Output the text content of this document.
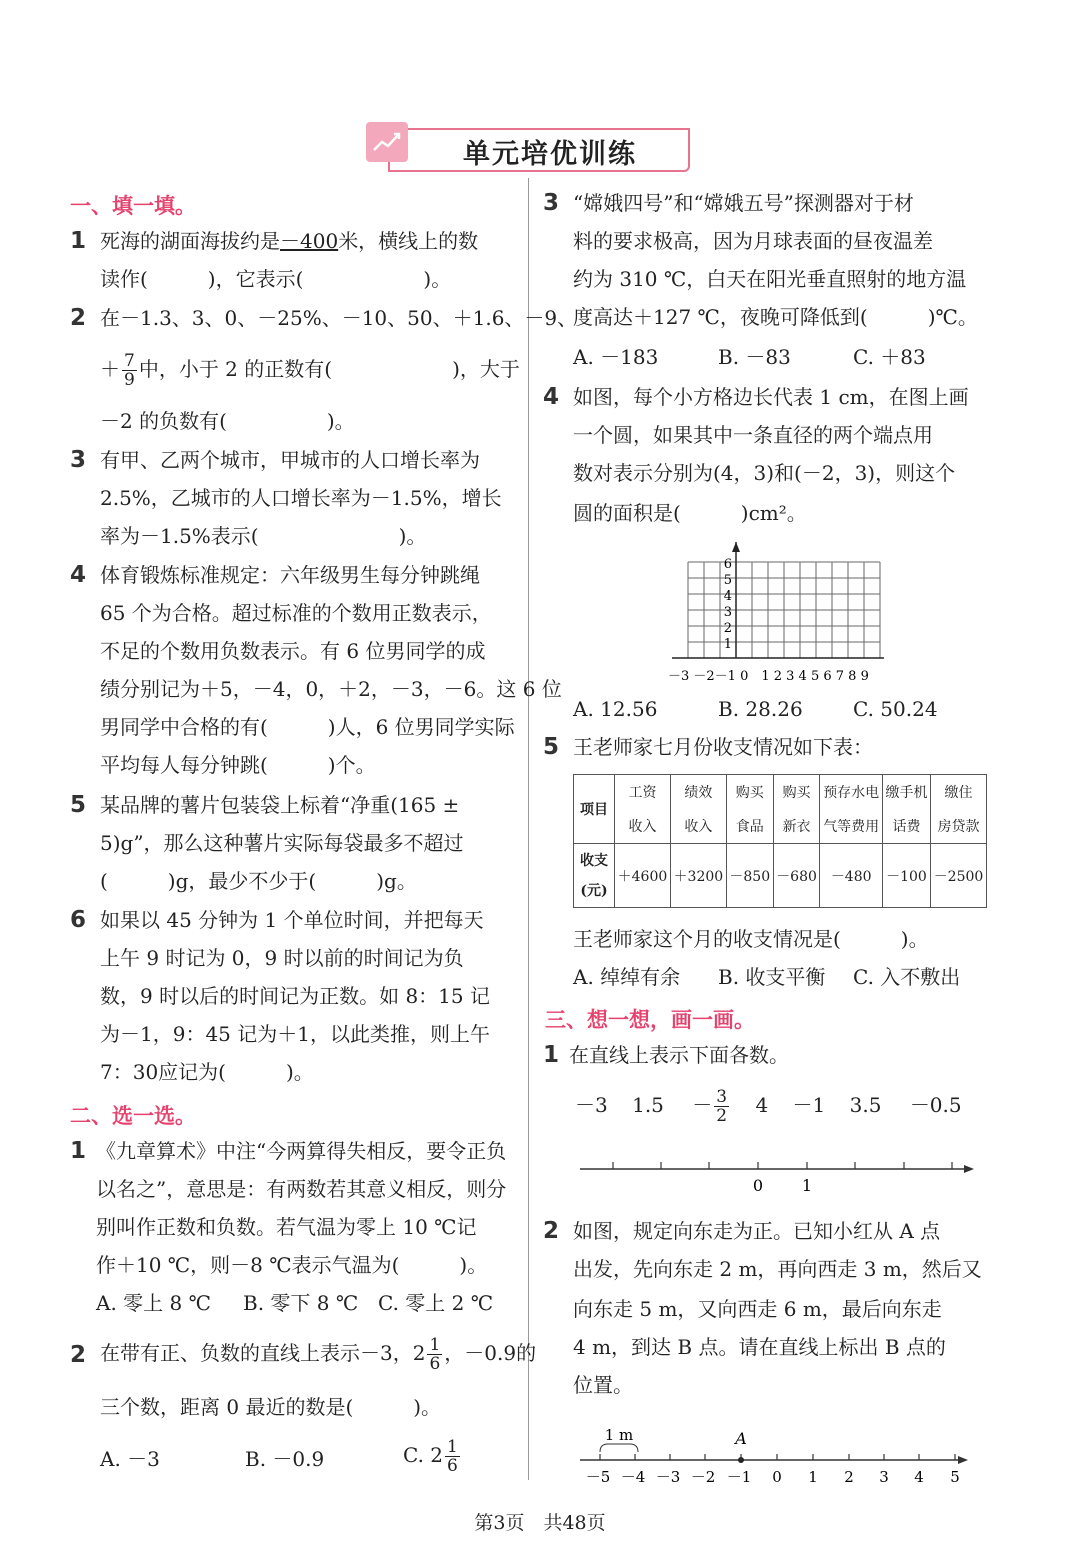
单元培优训练
一、填一填。
1 死海的湖面海拔约是－400米，横线上的数
读作(　　　)，它表示(　　　　　　)。
2 在－1.3、3、0、－25%、－10、50、＋1.6、－9、
＋ $\frac{7}{9}$ 中，小于 2 的正数有(　　　　　　)，大于
－2 的负数有(　　　　　)。
3 有甲、乙两个城市，甲城市的人口增长率为
2.5%，乙城市的人口增长率为－1.5%，增长
率为－1.5%表示(　　　　　　　)。
4 体育锻炼标准规定：六年级男生每分钟跳绳
65 个为合格。超过标准的个数用正数表示，
不足的个数用负数表示。有 6 位男同学的成
绩分别记为＋5，－4，0，＋2，－3，－6。这 6 位
男同学中合格的有(　　　)人，6 位男同学实际
平均每人每分钟跳(　　　)个。
5 某品牌的薯片包装袋上标着“净重(165 ±
5)g”，那么这种薯片实际每袋最多不超过
(　　　)g，最少不少于(　　　)g。
6 如果以 45 分钟为 1 个单位时间，并把每天
上午 9 时记为 0，9 时以前的时间记为负
数，9 时以后的时间记为正数。如 8：15 记
为－1，9：45 记为＋1，以此类推，则上午
7：30应记为(　　　)。
二、选一选。
1 《九章算术》中注“今两算得失相反，要令正负
以名之”，意思是：有两数若其意义相反，则分
别叫作正数和负数。若气温为零上 10 ℃记
作＋10 ℃，则－8 ℃表示气温为(　　　)。
A. 零上 8 ℃ B. 零下 8 ℃ C. 零上 2 ℃
2 在带有正、负数的直线上表示－3，$2 \frac{1}{6}$ ，－0.9的
三个数，距离 0 最近的数是(　　　)。
A. －3	B. －0.9	C. $2 \frac{1}{6}$
3 “嫦娥四号”和“嫦娥五号”探测器对于材
料的要求极高，因为月球表面的昼夜温差
约为 310 ℃，白天在阳光垂直照射的地方温
度高达＋127 ℃，夜晚可降低到(　　　)℃。
A. －183	B. －83	C. ＋83
4 如图，每个小方格边长代表 1 cm，在图上画
一个圆，如果其中一条直径的两个端点用
数对表示分别为(4，3)和(－2，3)，则这个
圆的面积是(　　　)cm²。
6
5
4
3
2
1
－3 －2－1 0　1 2 3 4 5 6 7 8 9
A. 12.56	B. 28.26	C. 50.24
5 王老师家七月份收支情况如下表：
项目	工资	绩效	购买	购买	预存水电	缴手机	缴住
	收入	收入	食品	新衣	气等费用	话费	房贷款
收支
(元)	＋4600	＋3200	－850	－680	－480	－100	－2500
王老师家这个月的收支情况是(　　　)。
A. 绰绰有余 B. 收支平衡 C. 入不敷出
三、想一想，画一画。
1 在直线上表示下面各数。
－3 $1.5 - \frac{3}{2} 4 -1$ 3.5 －0.5
0 1
2 如图，规定向东走为正。已知小红从 A 点
出发，先向东走 2 m，再向西走 3 m，然后又
向东走 5 m，又向西走 6 m，最后向东走
4 m，到达 B 点。请在直线上标出 B 点的
位置。
1 m	A
－5 －4 －3 －2 －1 0 1 2 3 4 5
第3页　共48页
